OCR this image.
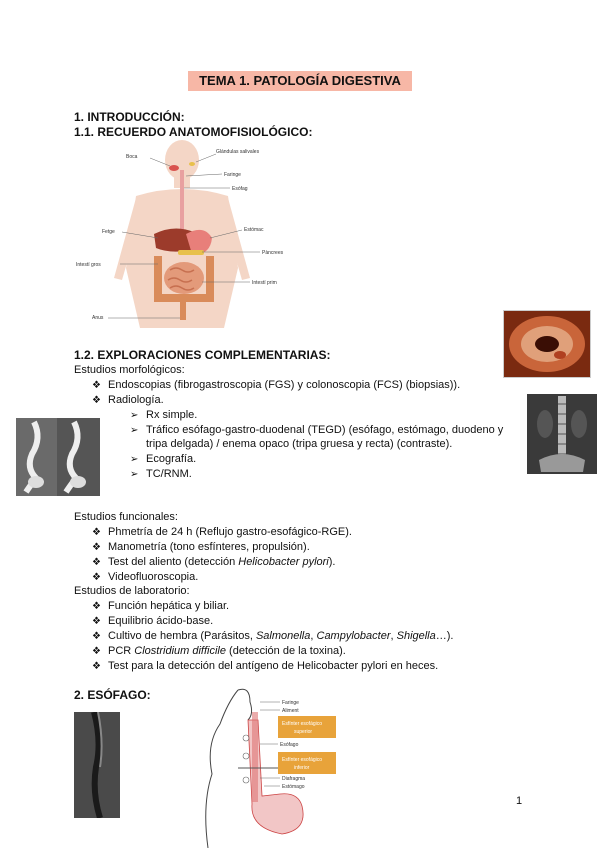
TEMA 1. PATOLOGÍA DIGESTIVA
1. INTRODUCCIÓN:
1.1. RECUERDO ANATOMOFISIOLÓGICO:
Boca
Glándulas salivales
Faringe
Esófag
Fetge	Estómac
Pàncrees
Intestí gros
Intestí prim
Anus
1.2. EXPLORACIONES COMPLEMENTARIAS:
Estudios morfológicos:
❖ Endoscopias (fibrogastroscopia (FGS) y colonoscopia (FCS) (biopsias)).
❖ Radiología.
➢ Rx simple.
➢ Tráfico esófago-gastro-duodenal (TEGD) (esófago, estómago, duodeno y
tripa delgada) / enema opaco (tripa gruesa y recta) (contraste).
➢ Ecografía.
➢ TC/RNM.
Estudios funcionales:
❖ Phmetría de 24 h (Reflujo gastro-esofágico-RGE).
❖ Manometría (tono esfínteres, propulsión).
❖ Test del aliento (detección Helicobacter pylori).
❖ Videofluoroscopia.
Estudios de laboratorio:
❖ Función hepática y biliar.
❖ Equilibrio ácido-base.
❖ Cultivo de hembra (Parásitos, Salmonella, Campylobacter, Shigella…).
❖ PCR Clostridium difficile (detección de la toxina).
❖ Test para la detección del antígeno de Helicobacter pylori en heces.
2. ESÓFAGO:
Faringe
Aliment
Esfínter esofágico
superior
Esófago
Esfínter esofágico
inferior
Diafragma
Estómago
1
